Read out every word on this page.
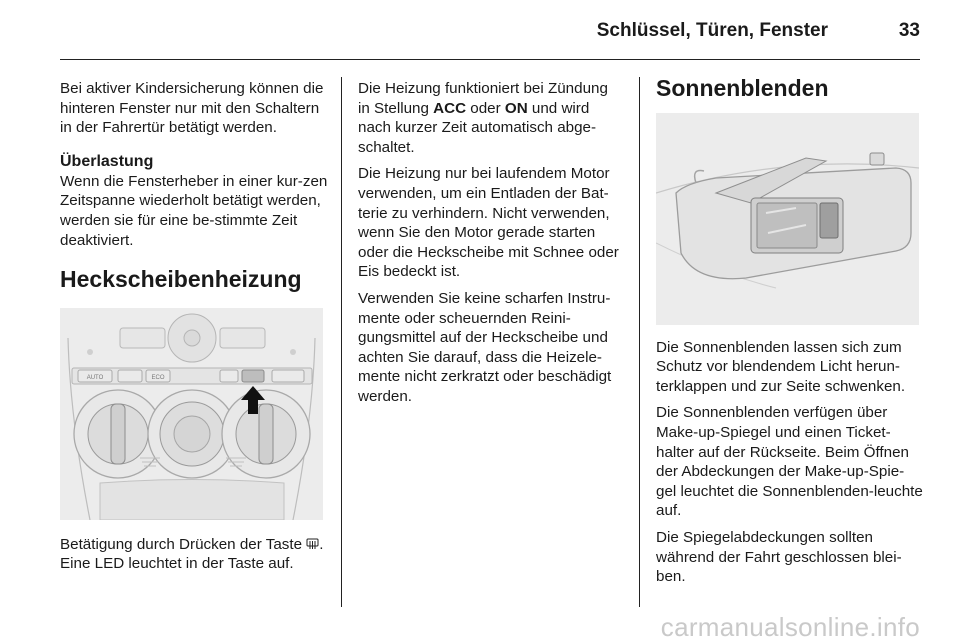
Schlüssel, Türen, Fenster	33

Bei aktiver Kindersicherung können die hinteren Fenster nur mit den Schaltern in der Fahrertür betätigt werden.

Überlastung

Wenn die Fensterheber in einer kur-zen Zeitspanne wiederholt betätigt werden, werden sie für eine be-stimmte Zeit deaktiviert.

Heckscheibenheizung
AUTO	ECO

Betätigung durch Drücken der Taste . Eine LED leuchtet in der Taste auf.

Die Heizung funktioniert bei Zündung in Stellung ACC oder ON und wird nach kurzer Zeit automatisch abge-schaltet.

Die Heizung nur bei laufendem Motor verwenden, um ein Entladen der Bat-terie zu verhindern. Nicht verwenden, wenn Sie den Motor gerade starten oder die Heckscheibe mit Schnee oder Eis bedeckt ist.

Verwenden Sie keine scharfen Instru-mente oder scheuernden Reini-gungsmittel auf der Heckscheibe und achten Sie darauf, dass die Heizele-mente nicht zerkratzt oder beschädigt werden.

Sonnenblenden

Die Sonnenblenden lassen sich zum Schutz vor blendendem Licht herun-terklappen und zur Seite schwenken.

Die Sonnenblenden verfügen über Make-up-Spiegel und einen Ticket-halter auf der Rückseite. Beim Öffnen der Abdeckungen der Make-up-Spie-gel leuchtet die Sonnenblenden-leuchte auf.

Die Spiegelabdeckungen sollten während der Fahrt geschlossen blei-ben.

carmanualsonline.info
